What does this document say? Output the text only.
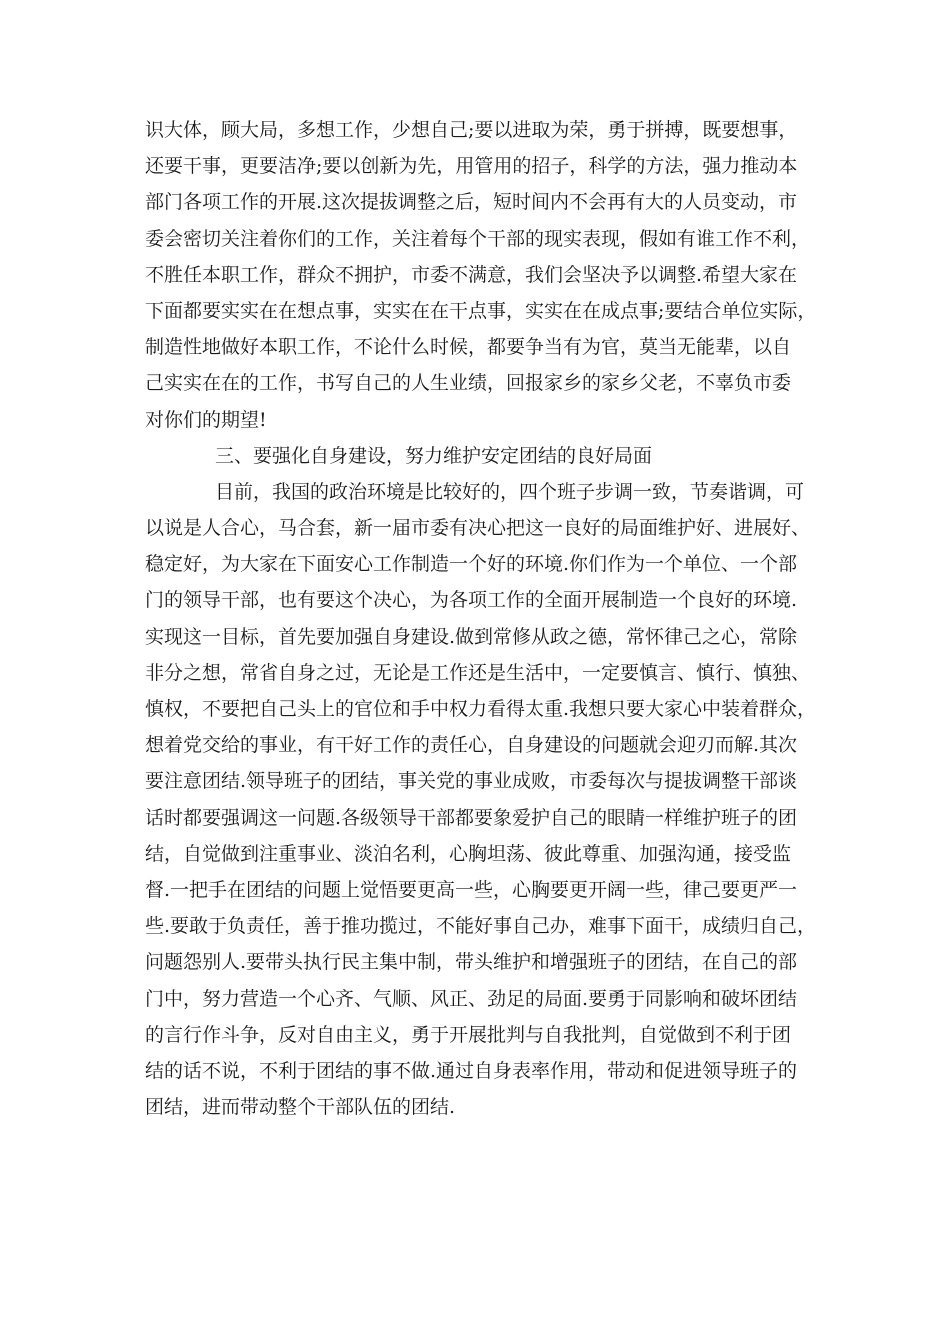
识大体，顾大局，多想工作，少想自己;要以进取为荣，勇于拼搏，既要想事，
还要干事，更要洁净;要以创新为先，用管用的招子，科学的方法，强力推动本
部门各项工作的开展.这次提拔调整之后，短时间内不会再有大的人员变动，市
委会密切关注着你们的工作，关注着每个干部的现实表现，假如有谁工作不利，
不胜任本职工作，群众不拥护，市委不满意，我们会坚决予以调整.希望大家在
下面都要实实在在想点事，实实在在干点事，实实在在成点事;要结合单位实际，
制造性地做好本职工作，不论什么时候，都要争当有为官，莫当无能辈，以自
己实实在在的工作，书写自己的人生业绩，回报家乡的家乡父老，不辜负市委
对你们的期望!
三、要强化自身建设，努力维护安定团结的良好局面
目前，我国的政治环境是比较好的，四个班子步调一致，节奏谐调，可
以说是人合心，马合套，新一届市委有决心把这一良好的局面维护好、进展好、
稳定好，为大家在下面安心工作制造一个好的环境.你们作为一个单位、一个部
门的领导干部，也有要这个决心，为各项工作的全面开展制造一个良好的环境.
实现这一目标，首先要加强自身建设.做到常修从政之德，常怀律己之心，常除
非分之想，常省自身之过，无论是工作还是生活中，一定要慎言、慎行、慎独、
慎权，不要把自己头上的官位和手中权力看得太重.我想只要大家心中装着群众，
想着党交给的事业，有干好工作的责任心，自身建设的问题就会迎刃而解.其次
要注意团结.领导班子的团结，事关党的事业成败，市委每次与提拔调整干部谈
话时都要强调这一问题.各级领导干部都要象爱护自己的眼睛一样维护班子的团
结，自觉做到注重事业、淡泊名利，心胸坦荡、彼此尊重、加强沟通，接受监
督.一把手在团结的问题上觉悟要更高一些，心胸要更开阔一些，律己要更严一
些.要敢于负责任，善于推功揽过，不能好事自己办，难事下面干，成绩归自己，
问题怨别人.要带头执行民主集中制，带头维护和增强班子的团结，在自己的部
门中，努力营造一个心齐、气顺、风正、劲足的局面.要勇于同影响和破坏团结
的言行作斗争，反对自由主义，勇于开展批判与自我批判，自觉做到不利于团
结的话不说，不利于团结的事不做.通过自身表率作用，带动和促进领导班子的
团结，进而带动整个干部队伍的团结.
